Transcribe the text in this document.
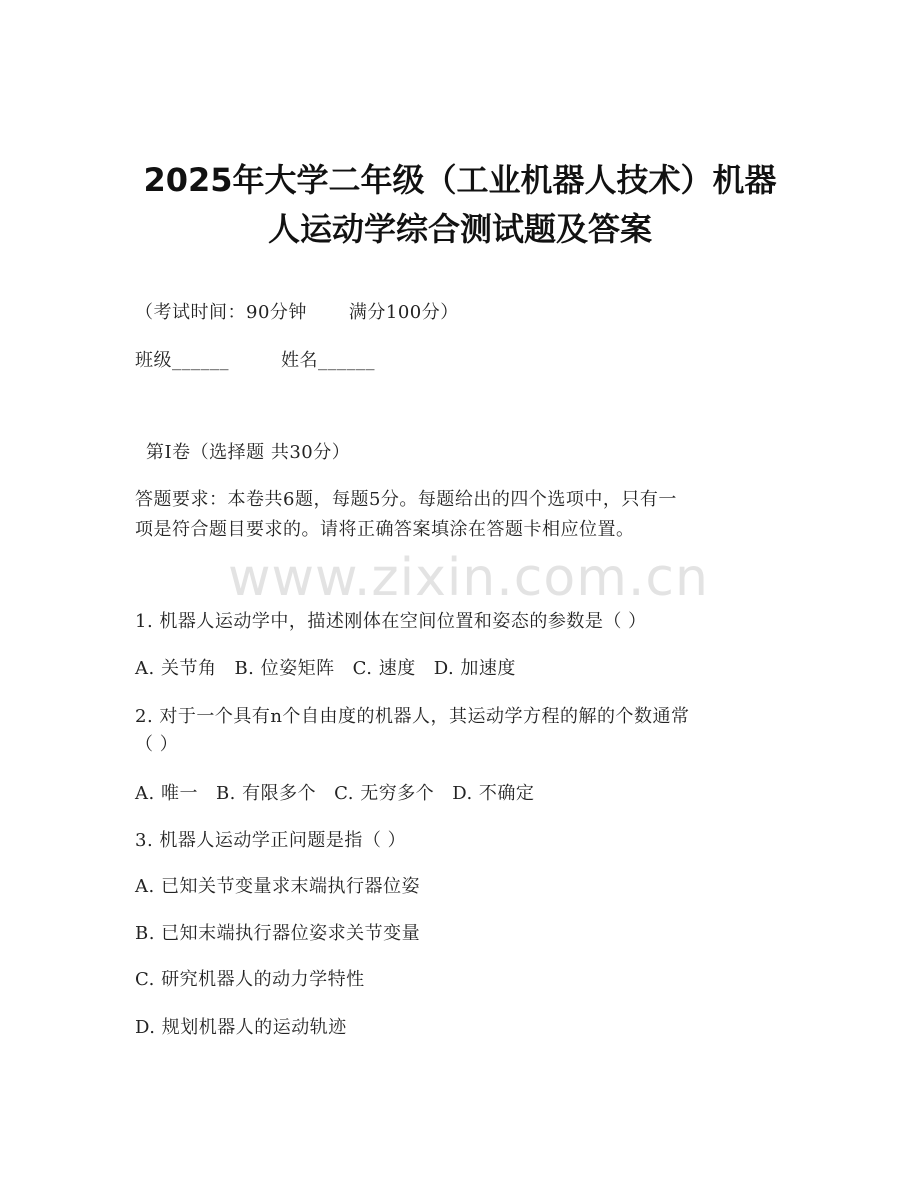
www.zixin.com.cn
2025年大学二年级（工业机器人技术）机器
人运动学综合测试题及答案
（考试时间：90分钟 满分100分）
班级______	姓名______
第Ⅰ卷（选择题 共30分）
答题要求：本卷共6题，每题5分。每题给出的四个选项中，只有一
项是符合题目要求的。请将正确答案填涂在答题卡相应位置。
1. 机器人运动学中，描述刚体在空间位置和姿态的参数是（ ）
A. 关节角 B. 位姿矩阵 C. 速度 D. 加速度
2. 对于一个具有n个自由度的机器人，其运动学方程的解的个数通常
（ ）
A. 唯一 B. 有限多个 C. 无穷多个 D. 不确定
3. 机器人运动学正问题是指（ ）
A. 已知关节变量求末端执行器位姿
B. 已知末端执行器位姿求关节变量
C. 研究机器人的动力学特性
D. 规划机器人的运动轨迹
